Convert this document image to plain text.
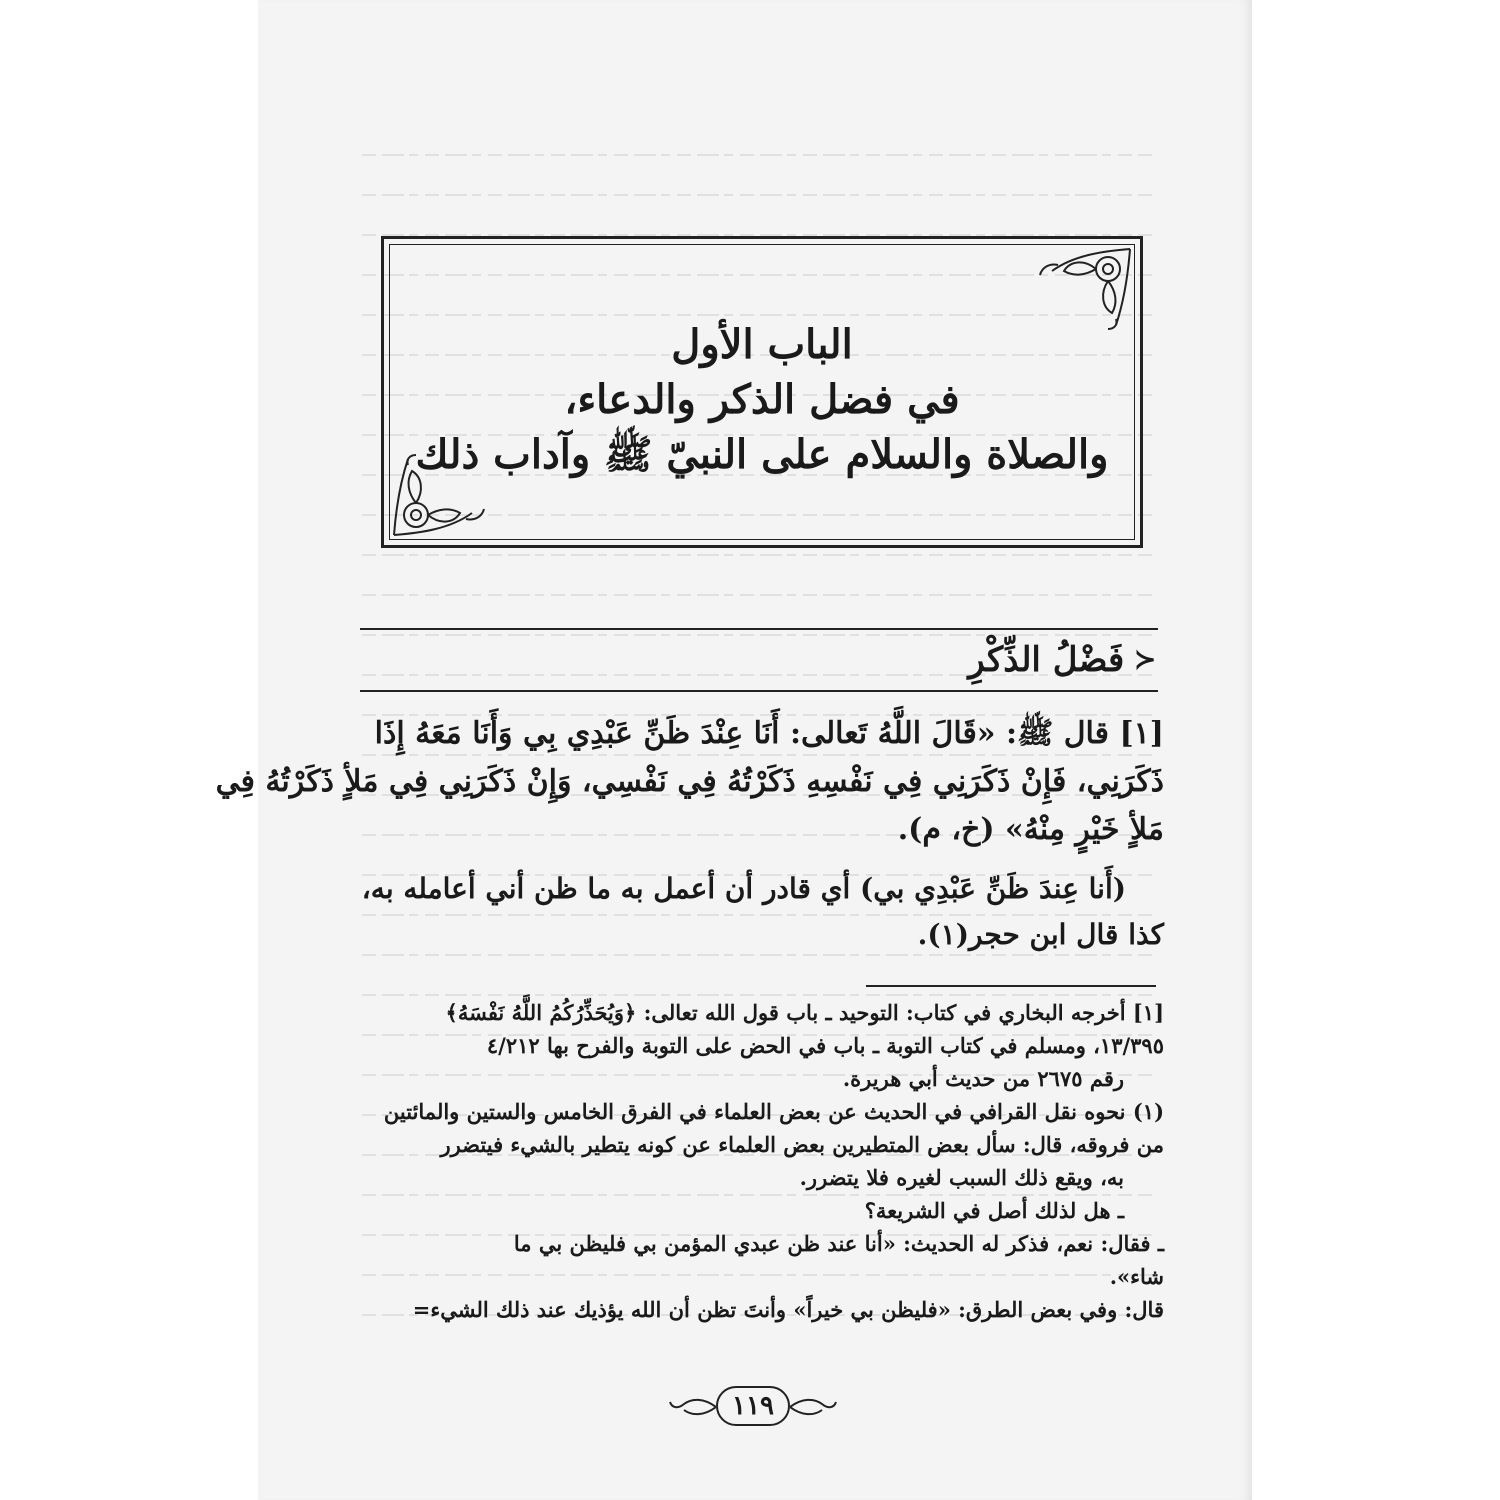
الباب الأول
في فضل الذكر والدعاء،
والصلاة والسلام على النبيّ ﷺ وآداب ذلك
≺
فَضْلُ الذِّكْرِ

[١] قال ﷺ: «قَالَ اللَّهُ تَعالى: أَنَا عِنْدَ ظَنِّ عَبْدِي بِي وَأَنَا مَعَهُ إِذَا

ذَكَرَنِي، فَإِنْ ذَكَرَنِي فِي نَفْسِهِ ذَكَرْتُهُ فِي نَفْسِي، وَإِنْ ذَكَرَنِي فِي مَلأٍ ذَكَرْتُهُ فِي

مَلأٍ خَيْرٍ مِنْهُ» (خ، م).

(أَنا عِندَ ظَنِّ عَبْدِي بي) أي قادر أن أعمل به ما ظن أني أعامله به،

كذا قال ابن حجر(١).

[١] أخرجه البخاري في كتاب: التوحيد ـ باب قول الله تعالى: ﴿وَيُحَذِّرُكُمُ اللَّهُ نَفْسَهُ﴾

١٣/٣٩٥، ومسلم في كتاب التوبة ـ باب في الحض على التوبة والفرح بها ٤/٢١٢

رقم ٢٦٧٥ من حديث أبي هريرة.

(١) نحوه نقل القرافي في الحديث عن بعض العلماء في الفرق الخامس والستين والمائتين

من فروقه، قال: سأل بعض المتطيرين بعض العلماء عن كونه يتطير بالشيء فيتضرر

به، ويقع ذلك السبب لغيره فلا يتضرر.

ـ هل لذلك أصل في الشريعة؟

ـ فقال: نعم، فذكر له الحديث: «أنا عند ظن عبدي المؤمن بي فليظن بي ما

شاء».

قال: وفي بعض الطرق: «فليظن بي خيراً» وأنتَ تظن أن الله يؤذيك عند ذلك الشيء=

١١٩
